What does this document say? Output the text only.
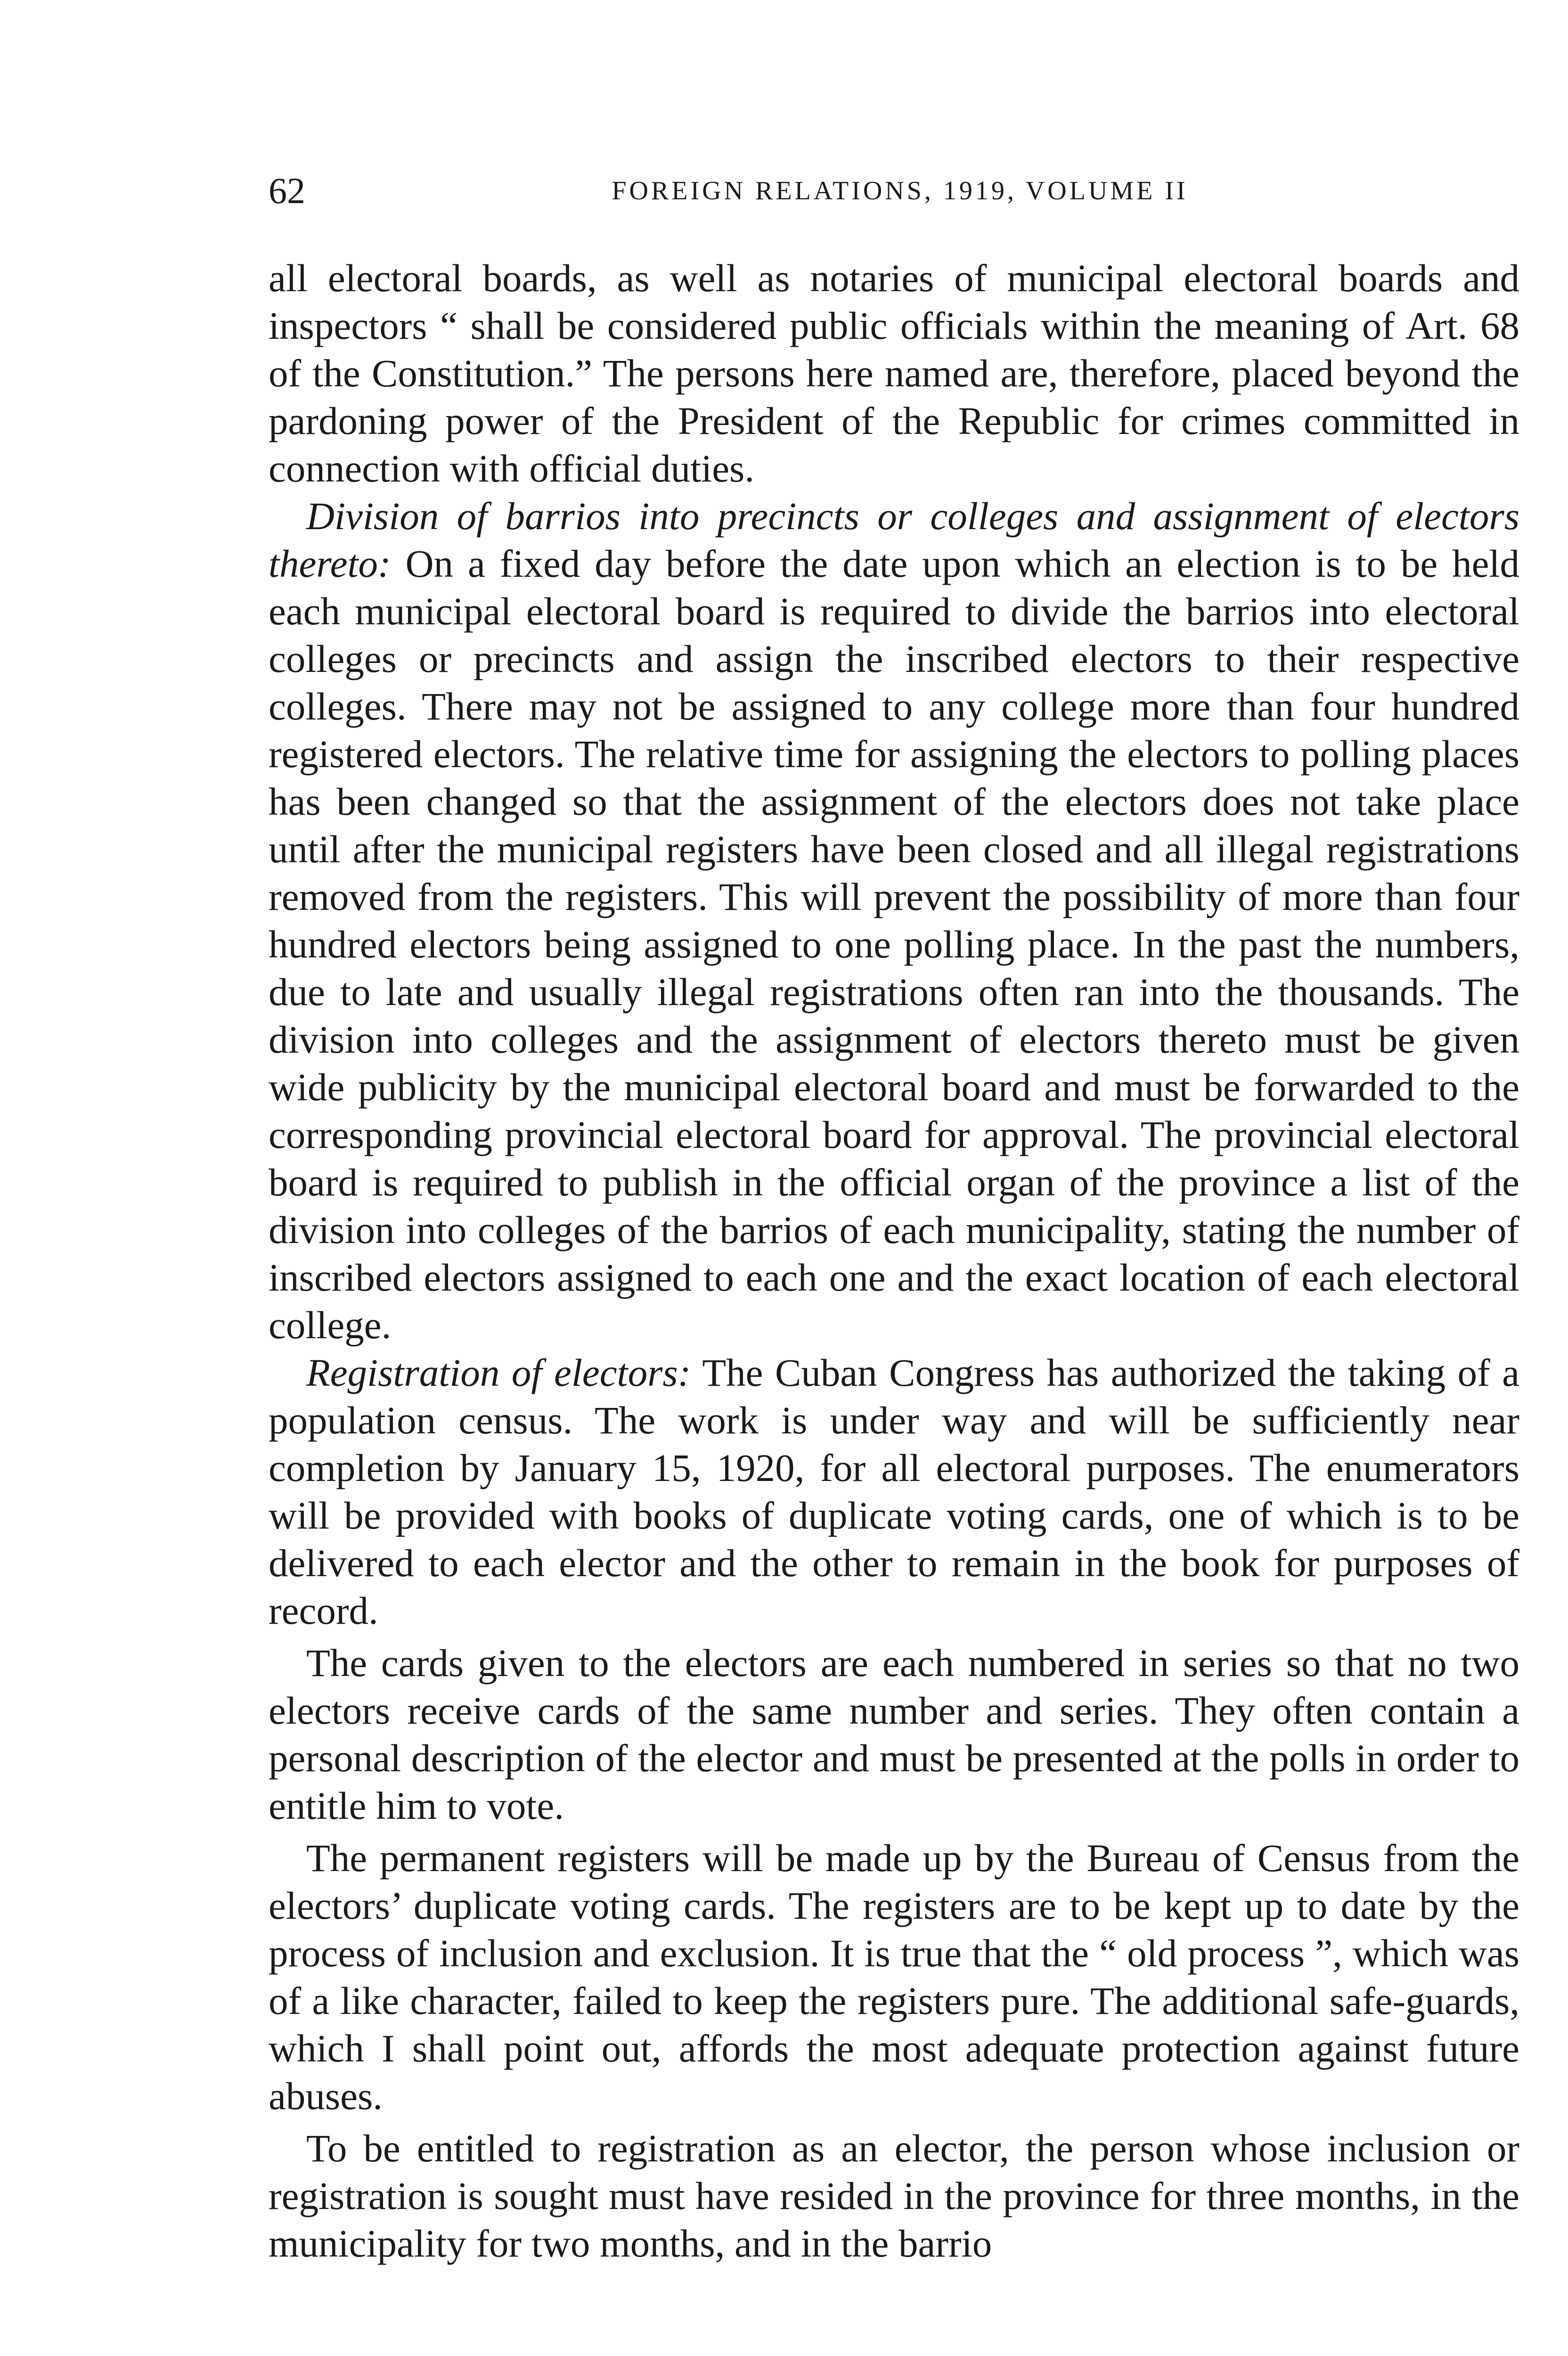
62	FOREIGN RELATIONS, 1919, VOLUME II

all electoral boards, as well as notaries of municipal electoral boards and inspectors “ shall be considered public officials within the meaning of Art. 68 of the Constitution.” The persons here named are, therefore, placed beyond the pardoning power of the President of the Republic for crimes committed in connection with official duties.

Division of barrios into precincts or colleges and assignment of electors thereto: On a fixed day before the date upon which an election is to be held each municipal electoral board is required to divide the barrios into electoral colleges or precincts and assign the inscribed electors to their respective colleges. There may not be assigned to any college more than four hundred registered electors. The relative time for assigning the electors to polling places has been changed so that the assignment of the electors does not take place until after the municipal registers have been closed and all illegal registrations removed from the registers. This will prevent the possibility of more than four hundred electors being assigned to one polling place. In the past the numbers, due to late and usually illegal registrations often ran into the thousands. The division into colleges and the assignment of electors thereto must be given wide publicity by the municipal electoral board and must be forwarded to the corresponding provincial electoral board for approval. The provincial electoral board is required to publish in the official organ of the province a list of the division into colleges of the barrios of each municipality, stating the number of inscribed electors assigned to each one and the exact location of each electoral college.

Registration of electors: The Cuban Congress has authorized the taking of a population census. The work is under way and will be sufficiently near completion by January 15, 1920, for all electoral purposes. The enumerators will be provided with books of duplicate voting cards, one of which is to be delivered to each elector and the other to remain in the book for purposes of record.

The cards given to the electors are each numbered in series so that no two electors receive cards of the same number and series. They often contain a personal description of the elector and must be presented at the polls in order to entitle him to vote.

The permanent registers will be made up by the Bureau of Census from the electors’ duplicate voting cards. The registers are to be kept up to date by the process of inclusion and exclusion. It is true that the “ old process ”, which was of a like character, failed to keep the registers pure. The additional safe-guards, which I shall point out, affords the most adequate protection against future abuses.

To be entitled to registration as an elector, the person whose inclusion or registration is sought must have resided in the province for three months, in the municipality for two months, and in the barrio
